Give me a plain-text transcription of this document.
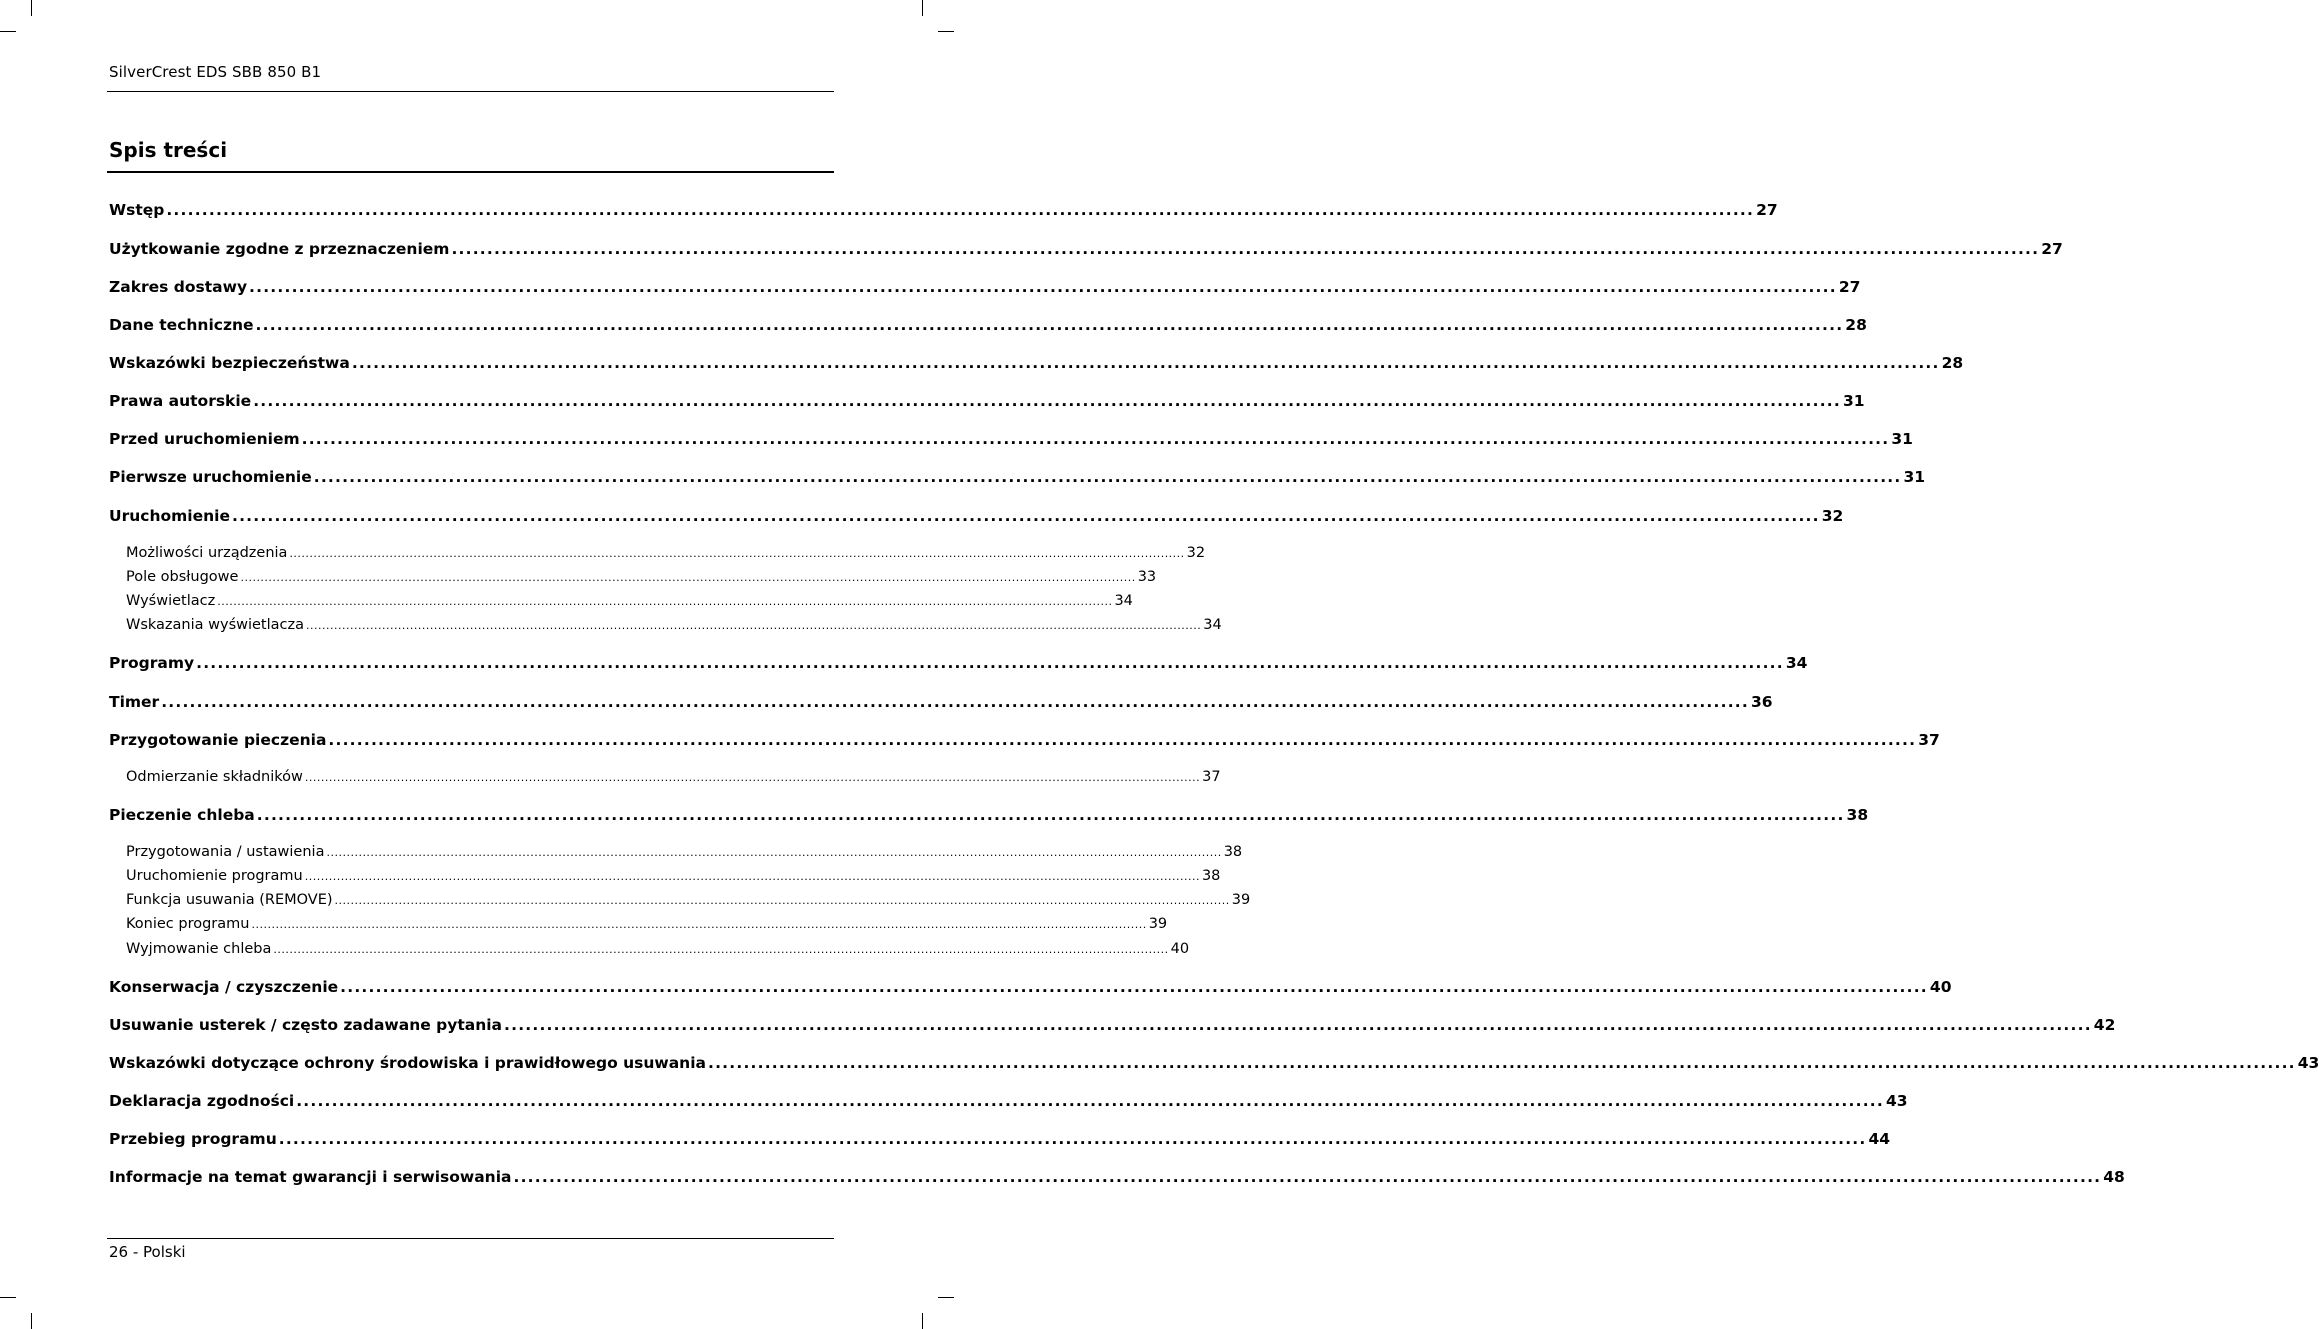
SilverCrest EDS SBB 850 B1
Spis treści
Wstęp ................................................................................................................................................................................................................................ 27
Użytkowanie zgodne z przeznaczeniem ................................................................................................................................................................................................................................ 27
Zakres dostawy ................................................................................................................................................................................................................................ 27
Dane techniczne ................................................................................................................................................................................................................................ 28
Wskazówki bezpieczeństwa ................................................................................................................................................................................................................................ 28
Prawa autorskie ................................................................................................................................................................................................................................ 31
Przed uruchomieniem ................................................................................................................................................................................................................................ 31
Pierwsze uruchomienie ................................................................................................................................................................................................................................ 31
Uruchomienie ................................................................................................................................................................................................................................ 32
Możliwości urządzenia ................................................................................................................................................................................................................................ 32
Pole obsługowe ................................................................................................................................................................................................................................ 33
Wyświetlacz ................................................................................................................................................................................................................................ 34
Wskazania wyświetlacza ................................................................................................................................................................................................................................ 34
Programy ................................................................................................................................................................................................................................ 34
Timer ................................................................................................................................................................................................................................ 36
Przygotowanie pieczenia ................................................................................................................................................................................................................................ 37
Odmierzanie składników ................................................................................................................................................................................................................................ 37
Pieczenie chleba ................................................................................................................................................................................................................................ 38
Przygotowania / ustawienia ................................................................................................................................................................................................................................ 38
Uruchomienie programu ................................................................................................................................................................................................................................ 38
Funkcja usuwania (REMOVE) ................................................................................................................................................................................................................................ 39
Koniec programu ................................................................................................................................................................................................................................ 39
Wyjmowanie chleba ................................................................................................................................................................................................................................ 40
Konserwacja / czyszczenie ................................................................................................................................................................................................................................ 40
Usuwanie usterek / często zadawane pytania ................................................................................................................................................................................................................................ 42
Wskazówki dotyczące ochrony środowiska i prawidłowego usuwania ................................................................................................................................................................................................................................ 43
Deklaracja zgodności ................................................................................................................................................................................................................................ 43
Przebieg programu ................................................................................................................................................................................................................................ 44
Informacje na temat gwarancji i serwisowania ................................................................................................................................................................................................................................ 48
26 - Polski
